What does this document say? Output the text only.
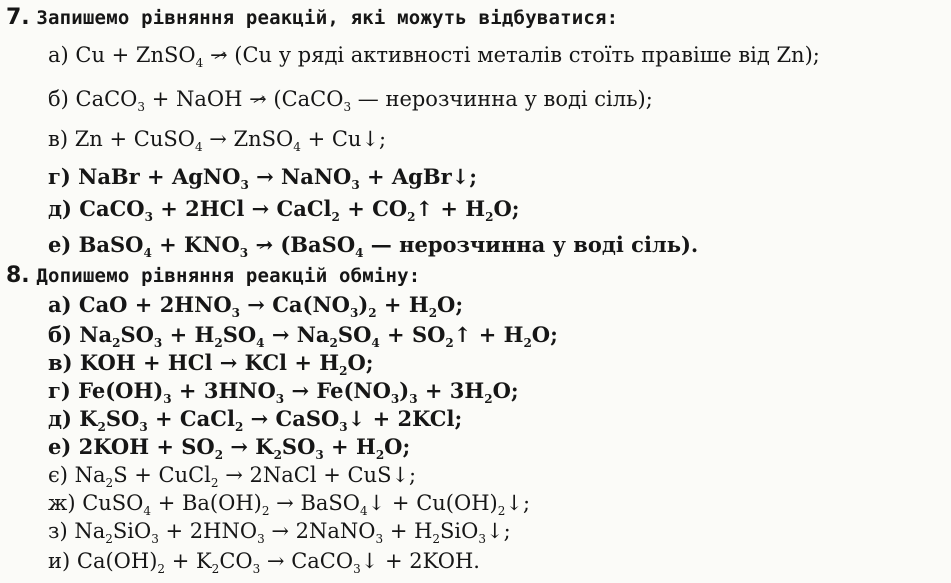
7. Запишемо рівняння реакцій, які можуть відбуватися:
а) Cu + ZnSO$_4$ → (Cu у ряді активності металів стоїть правіше від Zn);
б) CaCO$_3$ + NaOH → (CaCO$_3$ — нерозчинна у воді сіль);
в) Zn + CuSO$_4$ → ZnSO$_4$ + Cu↓;
г) NaBr + AgNO$_3$ → NaNO$_3$ + AgBr↓;
д) CaCO$_3$ + 2HCl → CaCl$_2$ + $CO_2↑ + H_2O$;
е) BaSO$_4$ + $KNO_3$ → (BaSO$_4$ — нерозчинна у воді сіль).
8. Допишемо рівняння реакцій обміну:
а) CaO + $2HNO_3 \to Ca(NO_3)_2 + H_2O$;
б) $Na_2SO_3 + H_2SO_4 \to Na_2SO_4$ + $SO_2↑ + H_2O$;
в) KOH + HCl → KCl + $H_2O$;
г) $Fe(OH)_3 + 3HNO_3 \to Fe(NO_3)_3 + 3H_2O$;
д) $K_2SO_3$ + CaCl$_2$ → CaSO$_3$↓ + 2KCl;
е) $2KOH + SO_2 \to K_2SO_3 + H_2O$;
є) $Na_2S$ + CuCl$_2$ → 2NaCl + CuS↓;
ж) CuSO$_4$ + $Ba(OH)_2$ → BaSO$_4$↓ + $Cu(OH)_2↓$;
з) $Na_2SiO_3 + 2HNO_3$ → 2NaNO$_3$ + $H_2SiO_3↓$;
и) $Ca(OH)_2 + K_2CO_3$ → CaCO$_3$↓ + 2KOH.
